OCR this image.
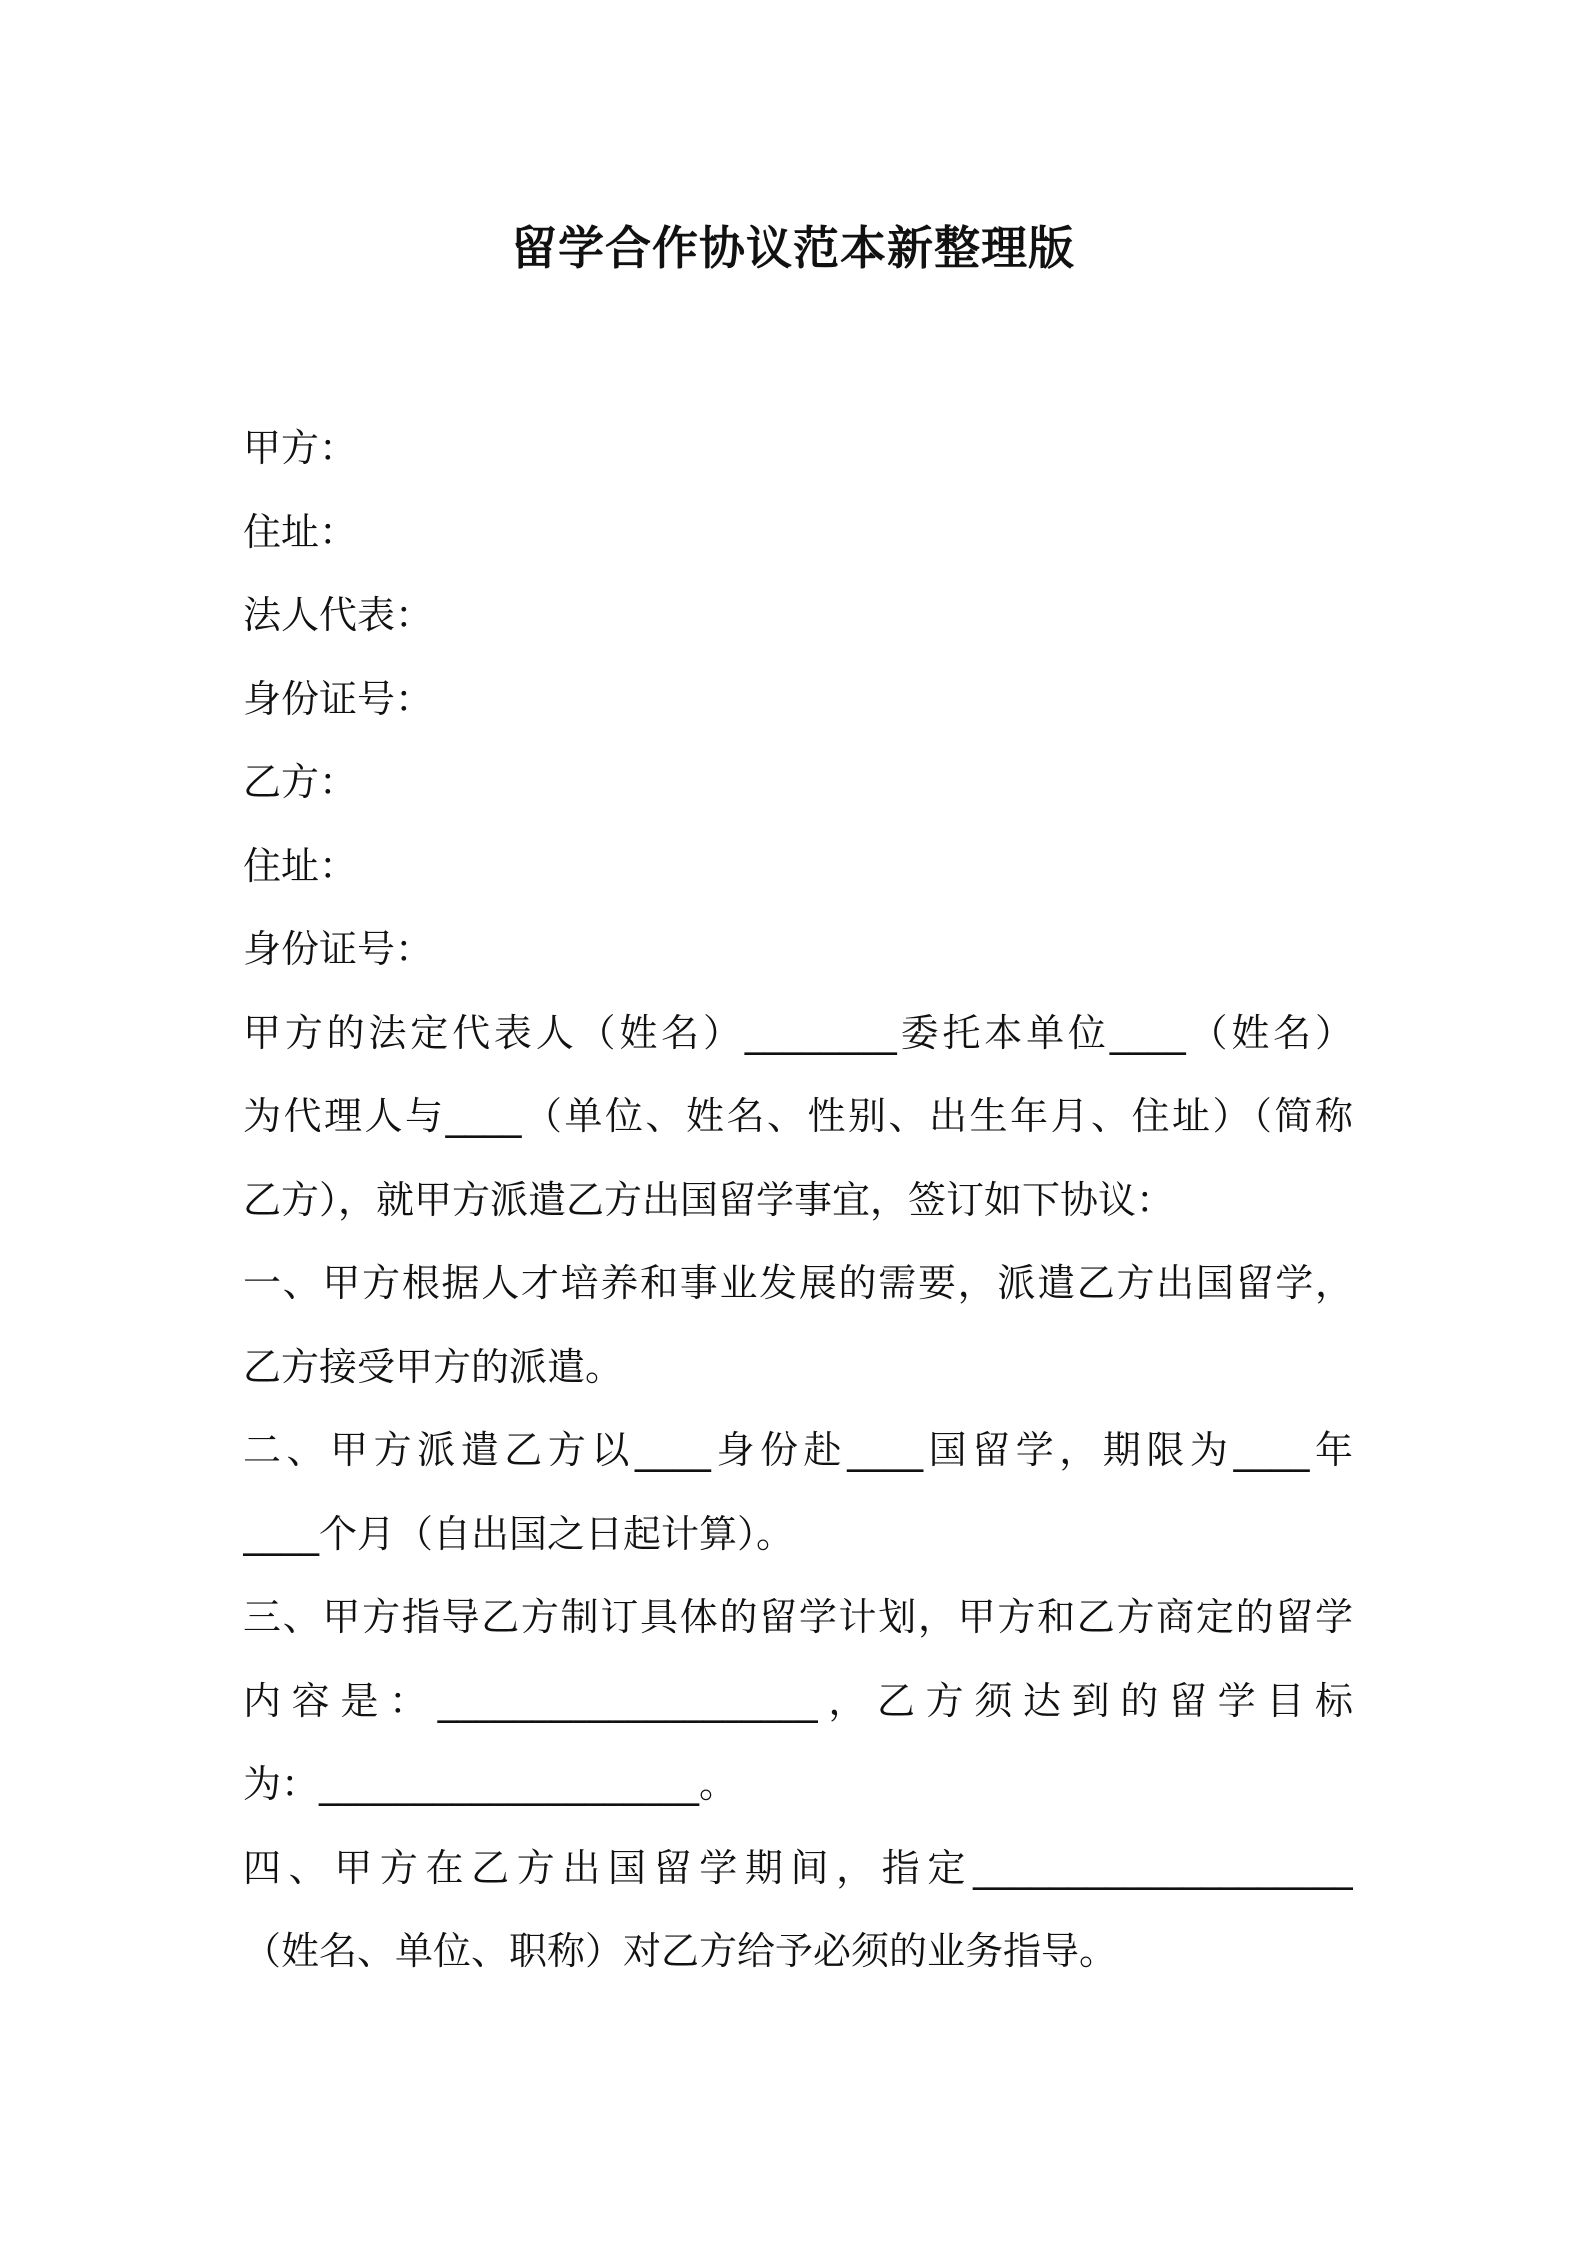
留学合作协议范本新整理版
甲方：
住址：
法人代表：
身份证号：
乙方：
住址：
身份证号：
甲方的法定代表人（姓名）________委托本单位____（姓名）
为代理人与____（单位、姓名、性别、出生年月、住址）（简称
乙方），就甲方派遣乙方出国留学事宜，签订如下协议：
一、甲方根据人才培养和事业发展的需要，派遣乙方出国留学，
乙方接受甲方的派遣。
二、甲方派遣乙方以____身份赴____国留学，期限为____年
____个月（自出国之日起计算）。
三、甲方指导乙方制订具体的留学计划，甲方和乙方商定的留学
内容是：____________________，乙方须达到的留学目标
为：____________________。
四、甲方在乙方出国留学期间，指定____________________
（姓名、单位、职称）对乙方给予必须的业务指导。
